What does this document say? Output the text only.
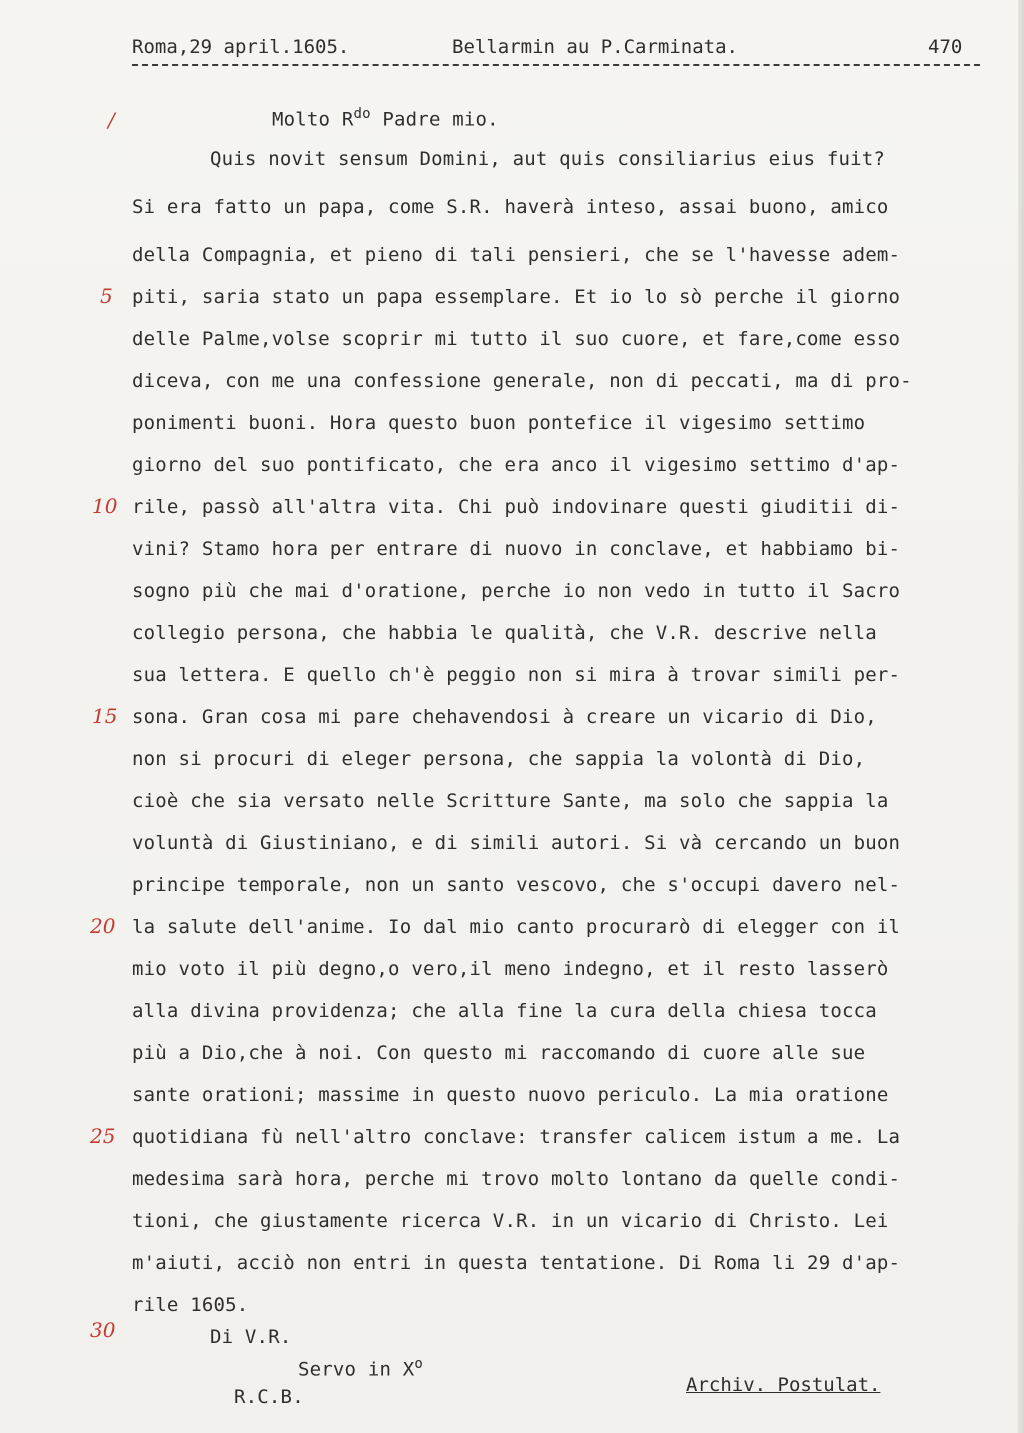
Roma,29 april.1605.	Bellarmin au P.Carminata.	470
/
5
10
15
20
25
30
Molto $R^{do}$ Padre mio.
Quis novit sensum Domini, aut quis consiliarius eius fuit?
Si era fatto un papa, come S.R. haverà inteso, assai buono, amico
della Compagnia, et pieno di tali pensieri, che se l'havesse adem-
piti, saria stato un papa essemplare. Et io lo sò perche il giorno
delle Palme,volse scoprir mi tutto il suo cuore, et fare,come esso
diceva, con me una confessione generale, non di peccati, ma di pro-
ponimenti buoni. Hora questo buon pontefice il vigesimo settimo
giorno del suo pontificato, che era anco il vigesimo settimo d'ap-
rile, passò all'altra vita. Chi può indovinare questi giuditii di-
vini? Stamo hora per entrare di nuovo in conclave, et habbiamo bi-
sogno più che mai d'oratione, perche io non vedo in tutto il Sacro
collegio persona, che habbia le qualità, che V.R. descrive nella
sua lettera. E quello ch'è peggio non si mira à trovar simili per-
sona. Gran cosa mi pare chehavendosi à creare un vicario di Dio,
non si procuri di eleger persona, che sappia la volontà di Dio,
cioè che sia versato nelle Scritture Sante, ma solo che sappia la
voluntà di Giustiniano, e di simili autori. Si và cercando un buon
principe temporale, non un santo vescovo, che s'occupi davero nel-
la salute dell'anime. Io dal mio canto procurarò di elegger con il
mio voto il più degno,o vero,il meno indegno, et il resto lasserò
alla divina providenza; che alla fine la cura della chiesa tocca
più a Dio,che à noi. Con questo mi raccomando di cuore alle sue
sante orationi; massime in questo nuovo periculo. La mia oratione
quotidiana fù nell'altro conclave: transfer calicem istum a me. La
medesima sarà hora, perche mi trovo molto lontano da quelle condi-
tioni, che giustamente ricerca V.R. in un vicario di Christo. Lei
m'aiuti, acciò non entri in questa tentatione. Di Roma li 29 d'ap-
rile 1605.
Di V.R.
Servo in $X^o$
R.C.B.
Archiv. Postulat.
